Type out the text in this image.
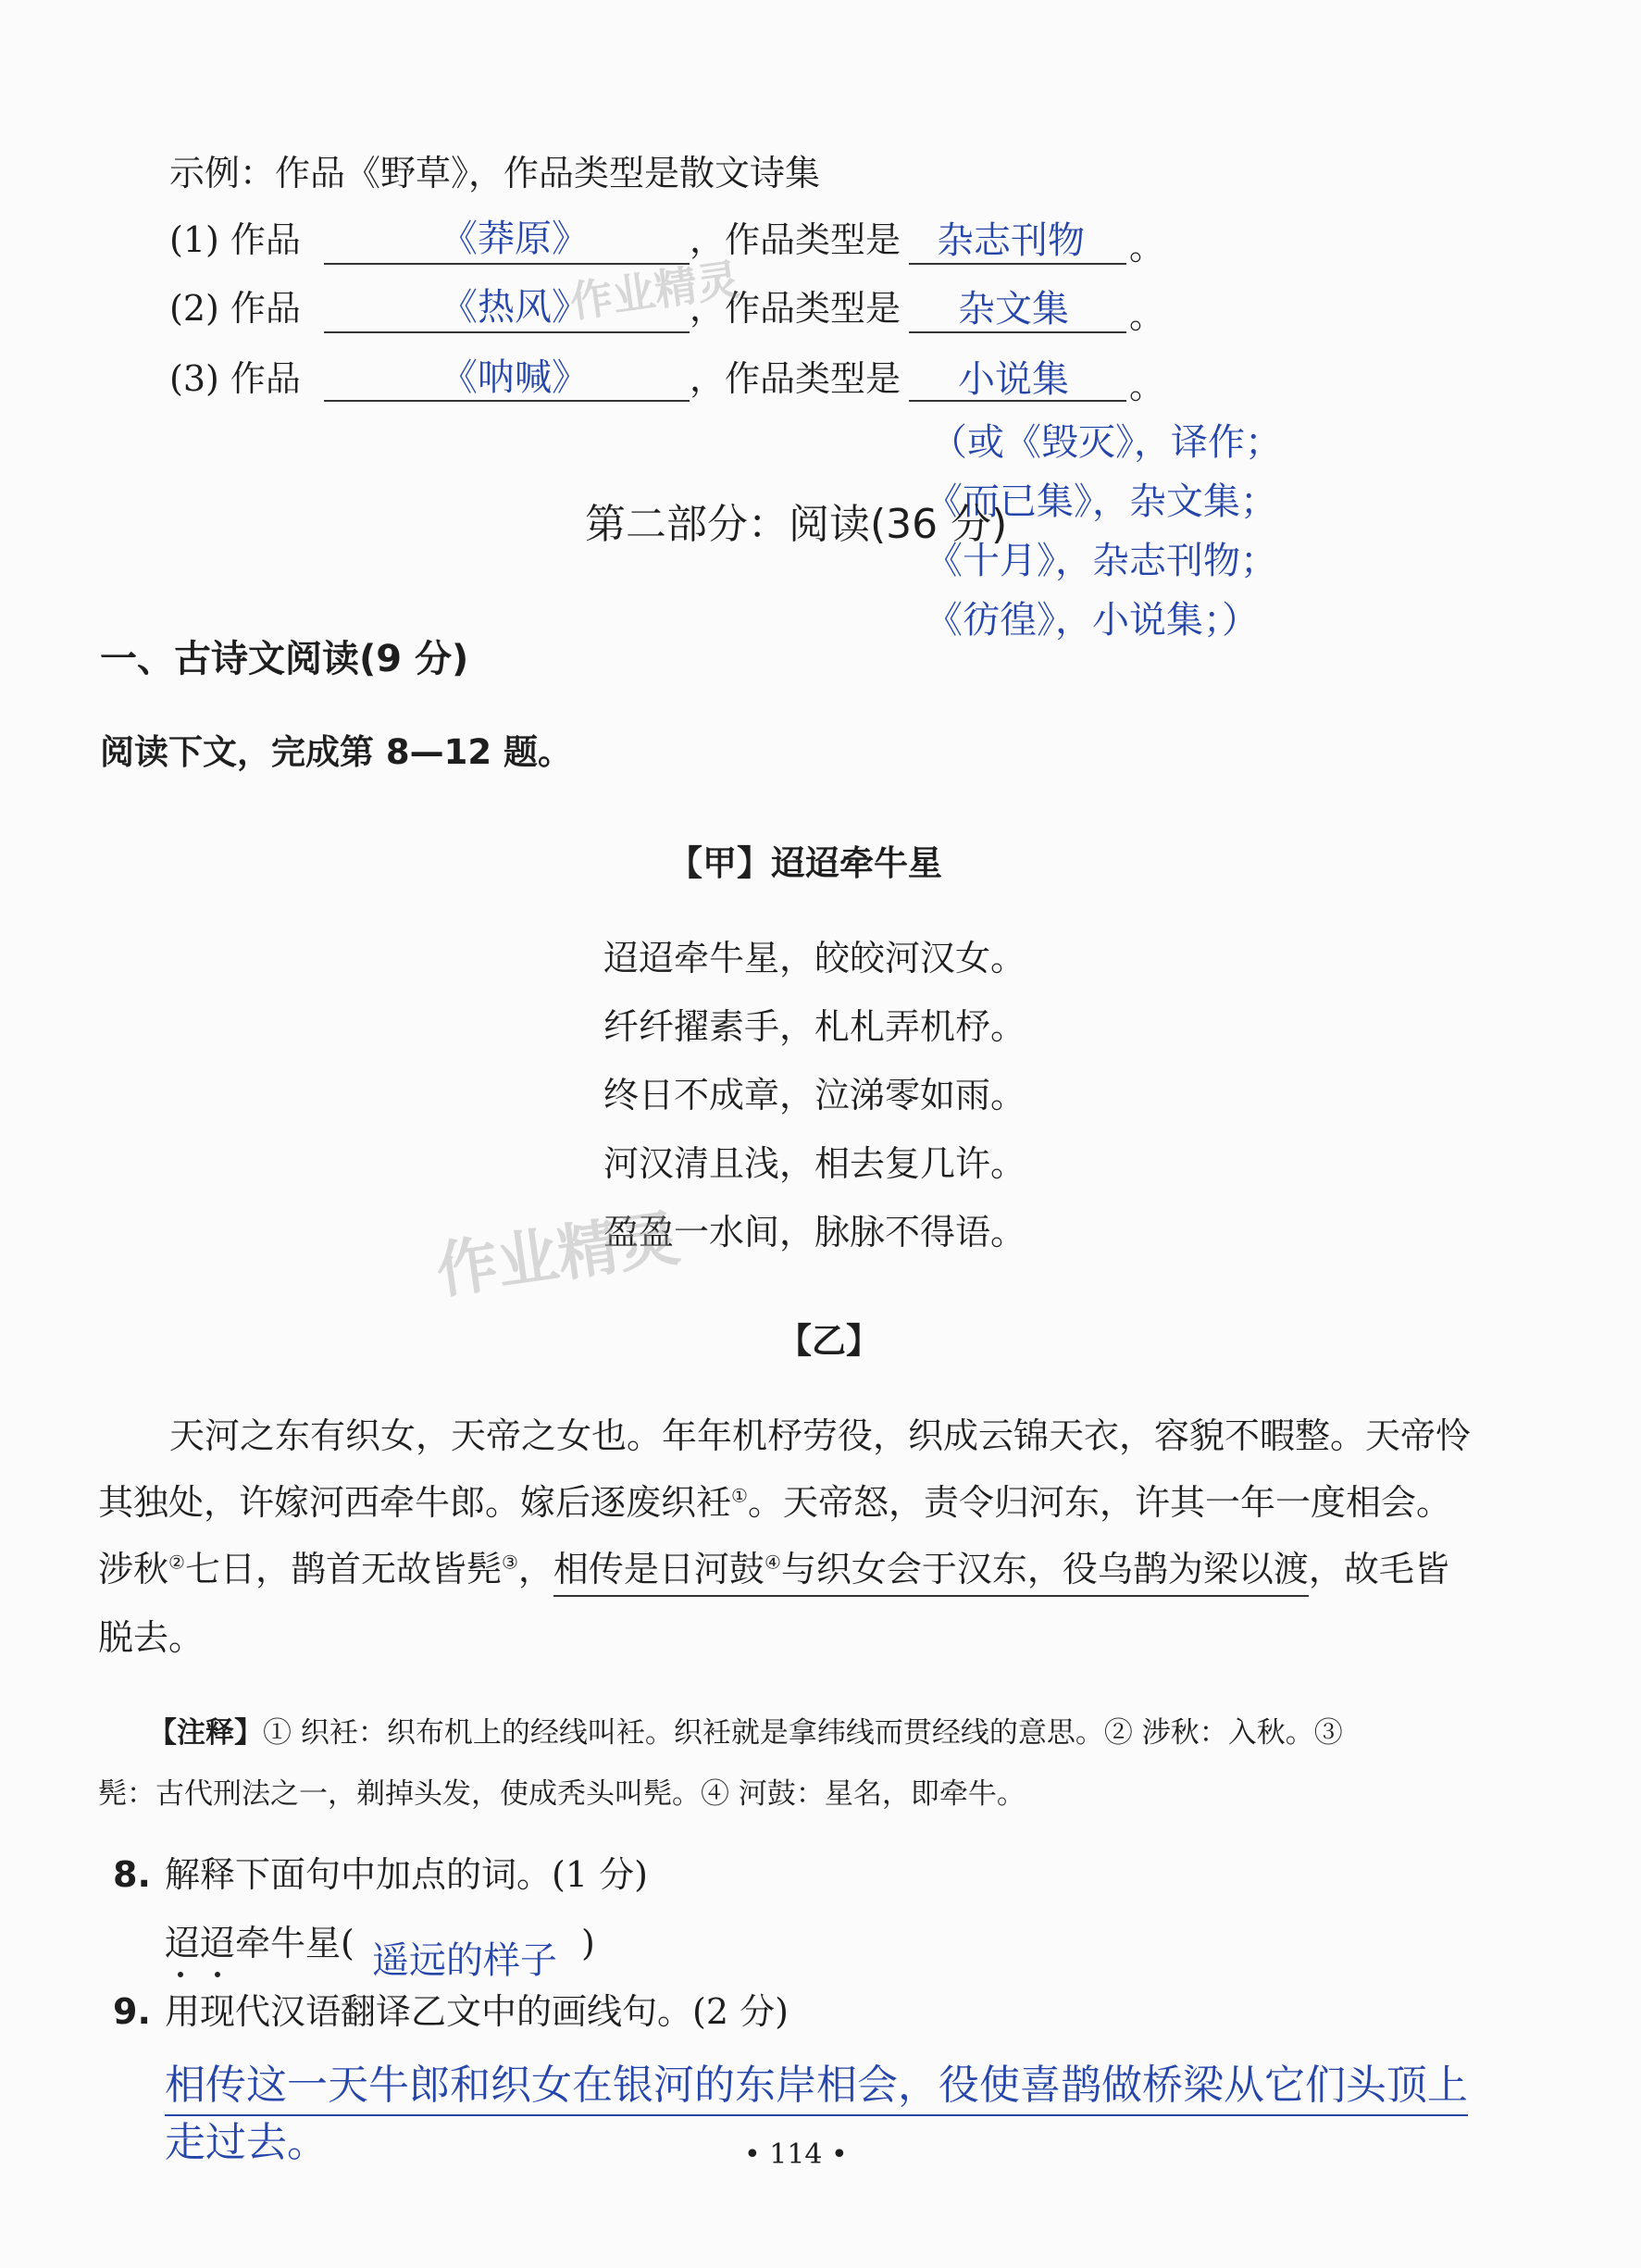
示例：作品《野草》，作品类型是散文诗集
(1) 作品	《莽原》	，作品类型是 杂志刊物 。
(2) 作品	《热风》	，作品类型是 杂文集 。
(3) 作品	《呐喊》	，作品类型是 小说集 。
（或《毁灭》，译作；
《而已集》，杂文集；
《十月》，杂志刊物；
《彷徨》，小说集；）
第二部分：阅读(36 分)
一、古诗文阅读(9 分)
阅读下文，完成第 8—12 题。
【甲】迢迢牵牛星
迢迢牵牛星，皎皎河汉女。
纤纤擢素手，札札弄机杼。
终日不成章，泣涕零如雨。
河汉清且浅，相去复几许。
盈盈一水间，脉脉不得语。
作业精灵
作业精灵
【乙】
天河之东有织女，天帝之女也。年年机杼劳役，织成云锦天衣，容貌不暇整。天帝怜
其独处，许嫁河西牵牛郎。嫁后逐废织衽①。天帝怒，责令归河东，许其一年一度相会。
涉秋②七日，鹊首无故皆髡③，相传是日河鼓④与织女会于汉东，役乌鹊为梁以渡，故毛皆
脱去。
【注释】① 织衽：织布机上的经线叫衽。织衽就是拿纬线而贯经线的意思。② 涉秋：入秋。③
髡：古代刑法之一，剃掉头发，使成秃头叫髡。④ 河鼓：星名，即牵牛。
8. 解释下面句中加点的词。(1 分)
迢迢牵牛星( 遥远的样子 )
9. 用现代汉语翻译乙文中的画线句。(2 分)
相传这一天牛郎和织女在银河的东岸相会，役使喜鹊做桥梁从它们头顶上
走过去。	• 114 •
